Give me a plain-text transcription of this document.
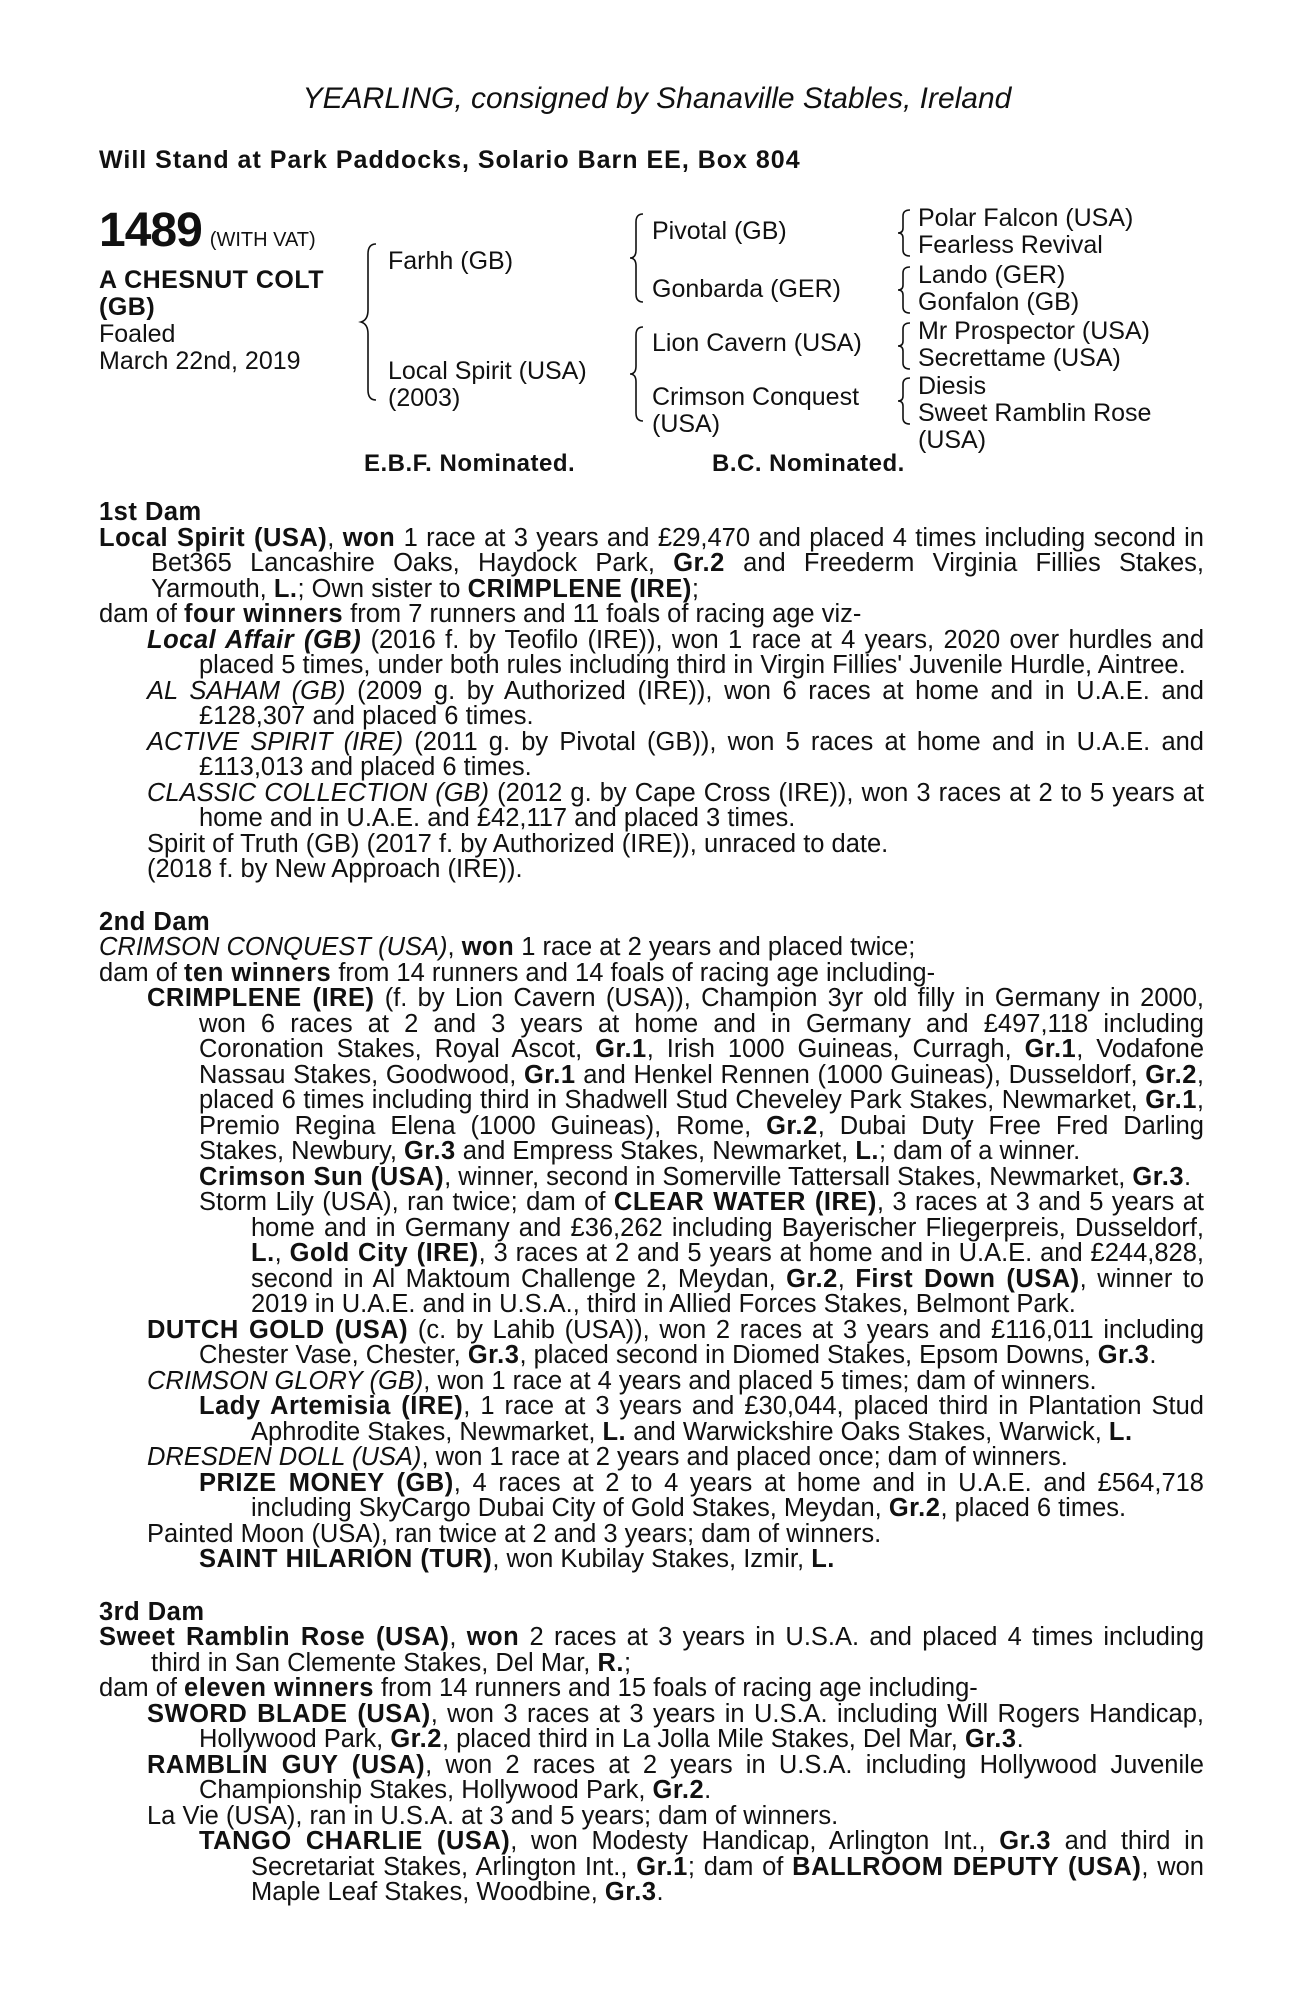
YEARLING, consigned by Shanaville Stables, Ireland
Will Stand at Park Paddocks, Solario Barn EE, Box 804
1489 (WITH VAT)
A CHESNUT COLT
(GB)
Foaled
March 22nd, 2019
Farhh (GB)
Local Spirit (USA)
(2003)
Pivotal (GB)
Gonbarda (GER)
Lion Cavern (USA)
Crimson Conquest
(USA)
Polar Falcon (USA)
Fearless Revival
Lando (GER)
Gonfalon (GB)
Mr Prospector (USA)
Secrettame (USA)
Diesis
Sweet Ramblin Rose
(USA)
E.B.F. Nominated.	B.C. Nominated.
1st Dam
Local Spirit (USA), won 1 race at 3 years and £29,470 and placed 4 times including second in Bet365 Lancashire Oaks, Haydock Park, Gr.2 and Freederm Virginia Fillies Stakes, Yarmouth, L.; Own sister to CRIMPLENE (IRE);
dam of four winners from 7 runners and 11 foals of racing age viz-
Local Affair (GB) (2016 f. by Teofilo (IRE)), won 1 race at 4 years, 2020 over hurdles and placed 5 times, under both rules including third in Virgin Fillies' Juvenile Hurdle, Aintree.
AL SAHAM (GB) (2009 g. by Authorized (IRE)), won 6 races at home and in U.A.E. and £128,307 and placed 6 times.
ACTIVE SPIRIT (IRE) (2011 g. by Pivotal (GB)), won 5 races at home and in U.A.E. and £113,013 and placed 6 times.
CLASSIC COLLECTION (GB) (2012 g. by Cape Cross (IRE)), won 3 races at 2 to 5 years at home and in U.A.E. and £42,117 and placed 3 times.
Spirit of Truth (GB) (2017 f. by Authorized (IRE)), unraced to date.
(2018 f. by New Approach (IRE)).
2nd Dam
CRIMSON CONQUEST (USA), won 1 race at 2 years and placed twice;
dam of ten winners from 14 runners and 14 foals of racing age including-
CRIMPLENE (IRE) (f. by Lion Cavern (USA)), Champion 3yr old filly in Germany in 2000, won 6 races at 2 and 3 years at home and in Germany and £497,118 including Coronation Stakes, Royal Ascot, Gr.1, Irish 1000 Guineas, Curragh, Gr.1, Vodafone Nassau Stakes, Goodwood, Gr.1 and Henkel Rennen (1000 Guineas), Dusseldorf, Gr.2, placed 6 times including third in Shadwell Stud Cheveley Park Stakes, Newmarket, Gr.1, Premio Regina Elena (1000 Guineas), Rome, Gr.2, Dubai Duty Free Fred Darling Stakes, Newbury, Gr.3 and Empress Stakes, Newmarket, L.; dam of a winner.
Crimson Sun (USA), winner, second in Somerville Tattersall Stakes, Newmarket, Gr.3.
Storm Lily (USA), ran twice; dam of CLEAR WATER (IRE), 3 races at 3 and 5 years at home and in Germany and £36,262 including Bayerischer Fliegerpreis, Dusseldorf, L., Gold City (IRE), 3 races at 2 and 5 years at home and in U.A.E. and £244,828, second in Al Maktoum Challenge 2, Meydan, Gr.2, First Down (USA), winner to 2019 in U.A.E. and in U.S.A., third in Allied Forces Stakes, Belmont Park.
DUTCH GOLD (USA) (c. by Lahib (USA)), won 2 races at 3 years and £116,011 including Chester Vase, Chester, Gr.3, placed second in Diomed Stakes, Epsom Downs, Gr.3.
CRIMSON GLORY (GB), won 1 race at 4 years and placed 5 times; dam of winners.
Lady Artemisia (IRE), 1 race at 3 years and £30,044, placed third in Plantation Stud Aphrodite Stakes, Newmarket, L. and Warwickshire Oaks Stakes, Warwick, L.
DRESDEN DOLL (USA), won 1 race at 2 years and placed once; dam of winners.
PRIZE MONEY (GB), 4 races at 2 to 4 years at home and in U.A.E. and £564,718 including SkyCargo Dubai City of Gold Stakes, Meydan, Gr.2, placed 6 times.
Painted Moon (USA), ran twice at 2 and 3 years; dam of winners.
SAINT HILARION (TUR), won Kubilay Stakes, Izmir, L.
3rd Dam
Sweet Ramblin Rose (USA), won 2 races at 3 years in U.S.A. and placed 4 times including third in San Clemente Stakes, Del Mar, R.;
dam of eleven winners from 14 runners and 15 foals of racing age including-
SWORD BLADE (USA), won 3 races at 3 years in U.S.A. including Will Rogers Handicap, Hollywood Park, Gr.2, placed third in La Jolla Mile Stakes, Del Mar, Gr.3.
RAMBLIN GUY (USA), won 2 races at 2 years in U.S.A. including Hollywood Juvenile Championship Stakes, Hollywood Park, Gr.2.
La Vie (USA), ran in U.S.A. at 3 and 5 years; dam of winners.
TANGO CHARLIE (USA), won Modesty Handicap, Arlington Int., Gr.3 and third in Secretariat Stakes, Arlington Int., Gr.1; dam of BALLROOM DEPUTY (USA), won Maple Leaf Stakes, Woodbine, Gr.3.
